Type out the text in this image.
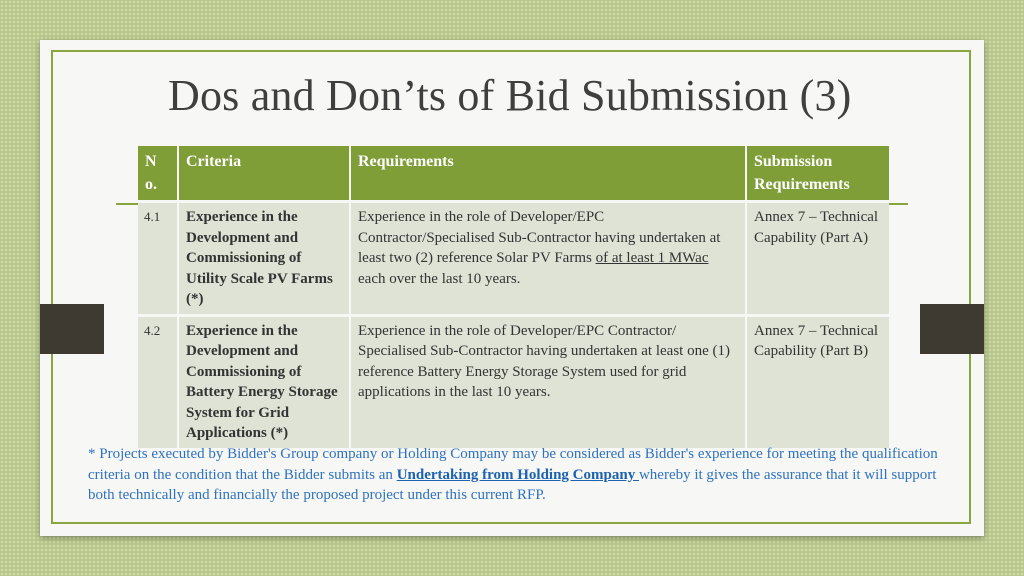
Dos and Don’ts of Bid Submission (3)
N o.	Criteria	Requirements	Submission Requirements
4.1	Experience in the Development and Commissioning of Utility Scale PV Farms (*)	Experience in the role of Developer/EPC Contractor/Specialised Sub-Contractor having undertaken at least two (2) reference Solar PV Farms of at least 1 MWac each over the last 10 years.	Annex 7 – Technical Capability (Part A)
4.2	Experience in the Development and Commissioning of Battery Energy Storage System for Grid Applications (*)	Experience in the role of Developer/EPC Contractor/ Specialised Sub-Contractor having undertaken at least one (1) reference Battery Energy Storage System used for grid applications in the last 10 years.	Annex 7 – Technical Capability (Part B)

* Projects executed by Bidder's Group company or Holding Company may be considered as Bidder's experience for meeting the qualification criteria on the condition that the Bidder submits an Undertaking from Holding Company whereby it gives the assurance that it will support both technically and financially the proposed project under this current RFP.
